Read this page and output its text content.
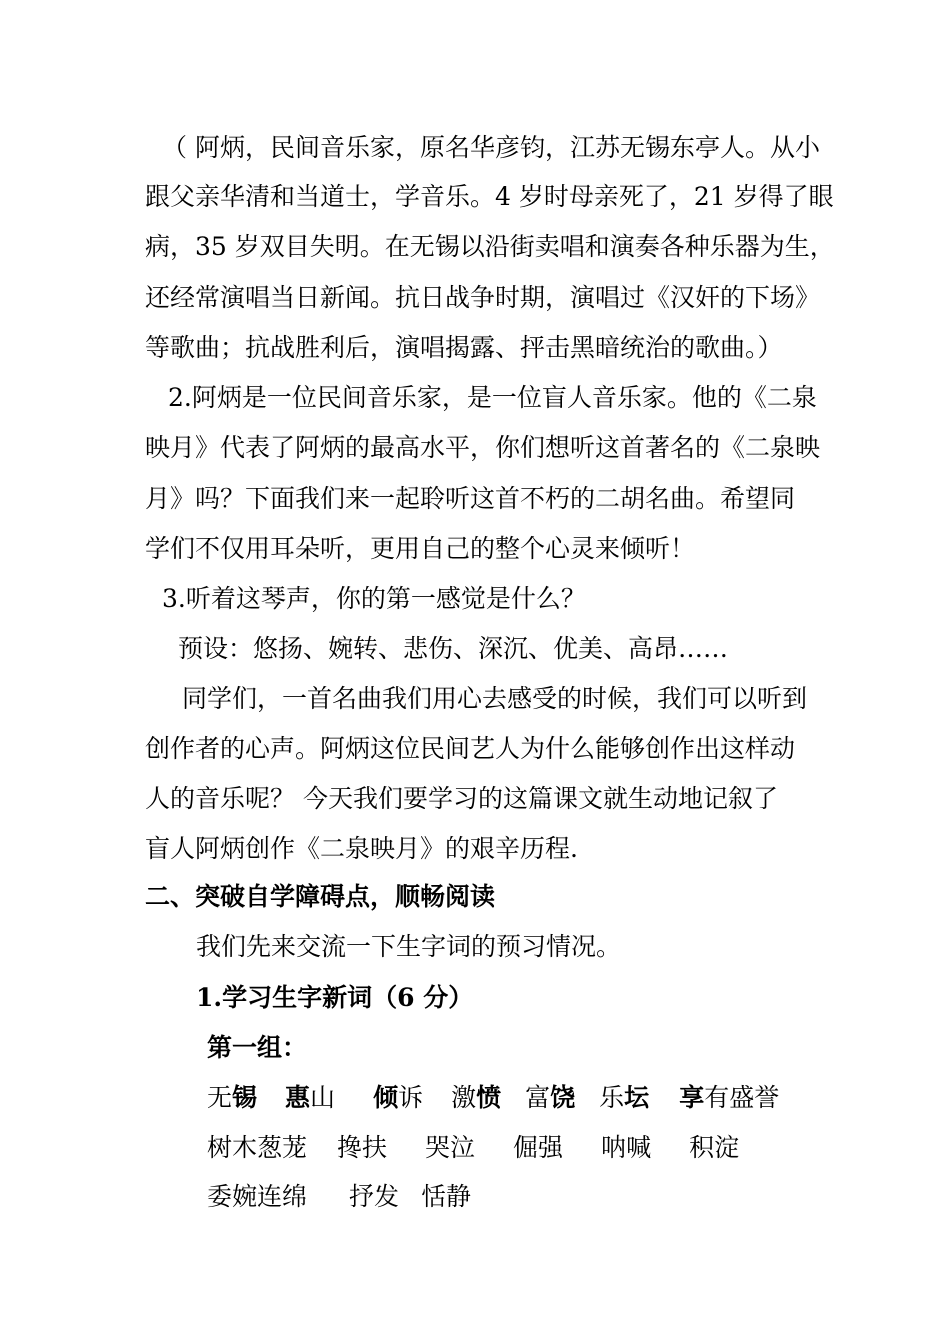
（ 阿炳，民间音乐家，原名华彦钧，江苏无锡东亭人。从小
跟父亲华清和当道士，学音乐。4 岁时母亲死了，21 岁得了眼
病，35 岁双目失明。在无锡以沿街卖唱和演奏各种乐器为生，
还经常演唱当日新闻。抗日战争时期，演唱过《汉奸的下场》
等歌曲；抗战胜利后，演唱揭露、抨击黑暗统治的歌曲。）
2.阿炳是一位民间音乐家，是一位盲人音乐家。他的《二泉
映月》代表了阿炳的最高水平，你们想听这首著名的《二泉映
月》吗？下面我们来一起聆听这首不朽的二胡名曲。希望同
学们不仅用耳朵听，更用自己的整个心灵来倾听！
3.听着这琴声，你的第一感觉是什么？
预设：悠扬、婉转、悲伤、深沉、优美、高昂……
同学们，一首名曲我们用心去感受的时候，我们可以听到
创作者的心声。阿炳这位民间艺人为什么能够创作出这样动
人的音乐呢？ 今天我们要学习的这篇课文就生动地记叙了
盲人阿炳创作《二泉映月》的艰辛历程.
二、突破自学障碍点，顺畅阅读
我们先来交流一下生字词的预习情况。
1.学习生字新词（6 分）
第一组：
无锡 惠山 倾诉 激愤 富饶 乐坛 享有盛誉
树木葱茏 搀扶 哭泣 倔强 呐喊 积淀
委婉连绵 抒发 恬静
